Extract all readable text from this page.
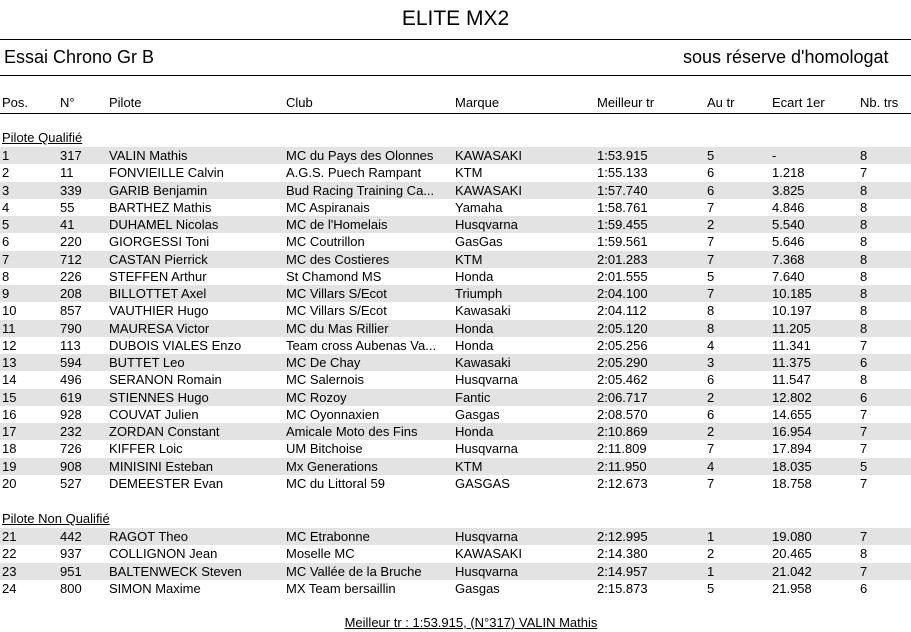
ELITE MX2
Essai Chrono Gr B	sous réserve d'homologat
Pos.	N°	Pilote	Club	Marque	Meilleur tr	Au tr	Ecart 1er	Nb. trs
Pilote Qualifié
1	317	VALIN Mathis	MC du Pays des Olonnes	KAWASAKI	1:53.915	5	-	8
2	11	FONVIEILLE Calvin	A.G.S. Puech Rampant	KTM	1:55.133	6	1.218	7
3	339	GARIB Benjamin	Bud Racing Training Ca...	KAWASAKI	1:57.740	6	3.825	8
4	55	BARTHEZ Mathis	MC Aspiranais	Yamaha	1:58.761	7	4.846	8
5	41	DUHAMEL Nicolas	MC de l'Homelais	Husqvarna	1:59.455	2	5.540	8
6	220	GIORGESSI Toni	MC Coutrillon	GasGas	1:59.561	7	5.646	8
7	712	CASTAN Pierrick	MC des Costieres	KTM	2:01.283	7	7.368	8
8	226	STEFFEN Arthur	St Chamond MS	Honda	2:01.555	5	7.640	8
9	208	BILLOTTET Axel	MC Villars S/Ecot	Triumph	2:04.100	7	10.185	8
10	857	VAUTHIER Hugo	MC Villars S/Ecot	Kawasaki	2:04.112	8	10.197	8
11	790	MAURESA Victor	MC du Mas Rillier	Honda	2:05.120	8	11.205	8
12	113	DUBOIS VIALES Enzo	Team cross Aubenas Va...	Honda	2:05.256	4	11.341	7
13	594	BUTTET Leo	MC De Chay	Kawasaki	2:05.290	3	11.375	6
14	496	SERANON Romain	MC Salernois	Husqvarna	2:05.462	6	11.547	8
15	619	STIENNES Hugo	MC Rozoy	Fantic	2:06.717	2	12.802	6
16	928	COUVAT Julien	MC Oyonnaxien	Gasgas	2:08.570	6	14.655	7
17	232	ZORDAN Constant	Amicale Moto des Fins	Honda	2:10.869	2	16.954	7
18	726	KIFFER Loic	UM Bitchoise	Husqvarna	2:11.809	7	17.894	7
19	908	MINISINI Esteban	Mx Generations	KTM	2:11.950	4	18.035	5
20	527	DEMEESTER Evan	MC du Littoral 59	GASGAS	2:12.673	7	18.758	7
Pilote Non Qualifié
21	442	RAGOT Theo	MC Etrabonne	Husqvarna	2:12.995	1	19.080	7
22	937	COLLIGNON Jean	Moselle MC	KAWASAKI	2:14.380	2	20.465	8
23	951	BALTENWECK Steven	MC Vallée de la Bruche	Husqvarna	2:14.957	1	21.042	7
24	800	SIMON Maxime	MX Team bersaillin	Gasgas	2:15.873	5	21.958	6
Meilleur tr : 1:53.915, (N°317) VALIN Mathis
